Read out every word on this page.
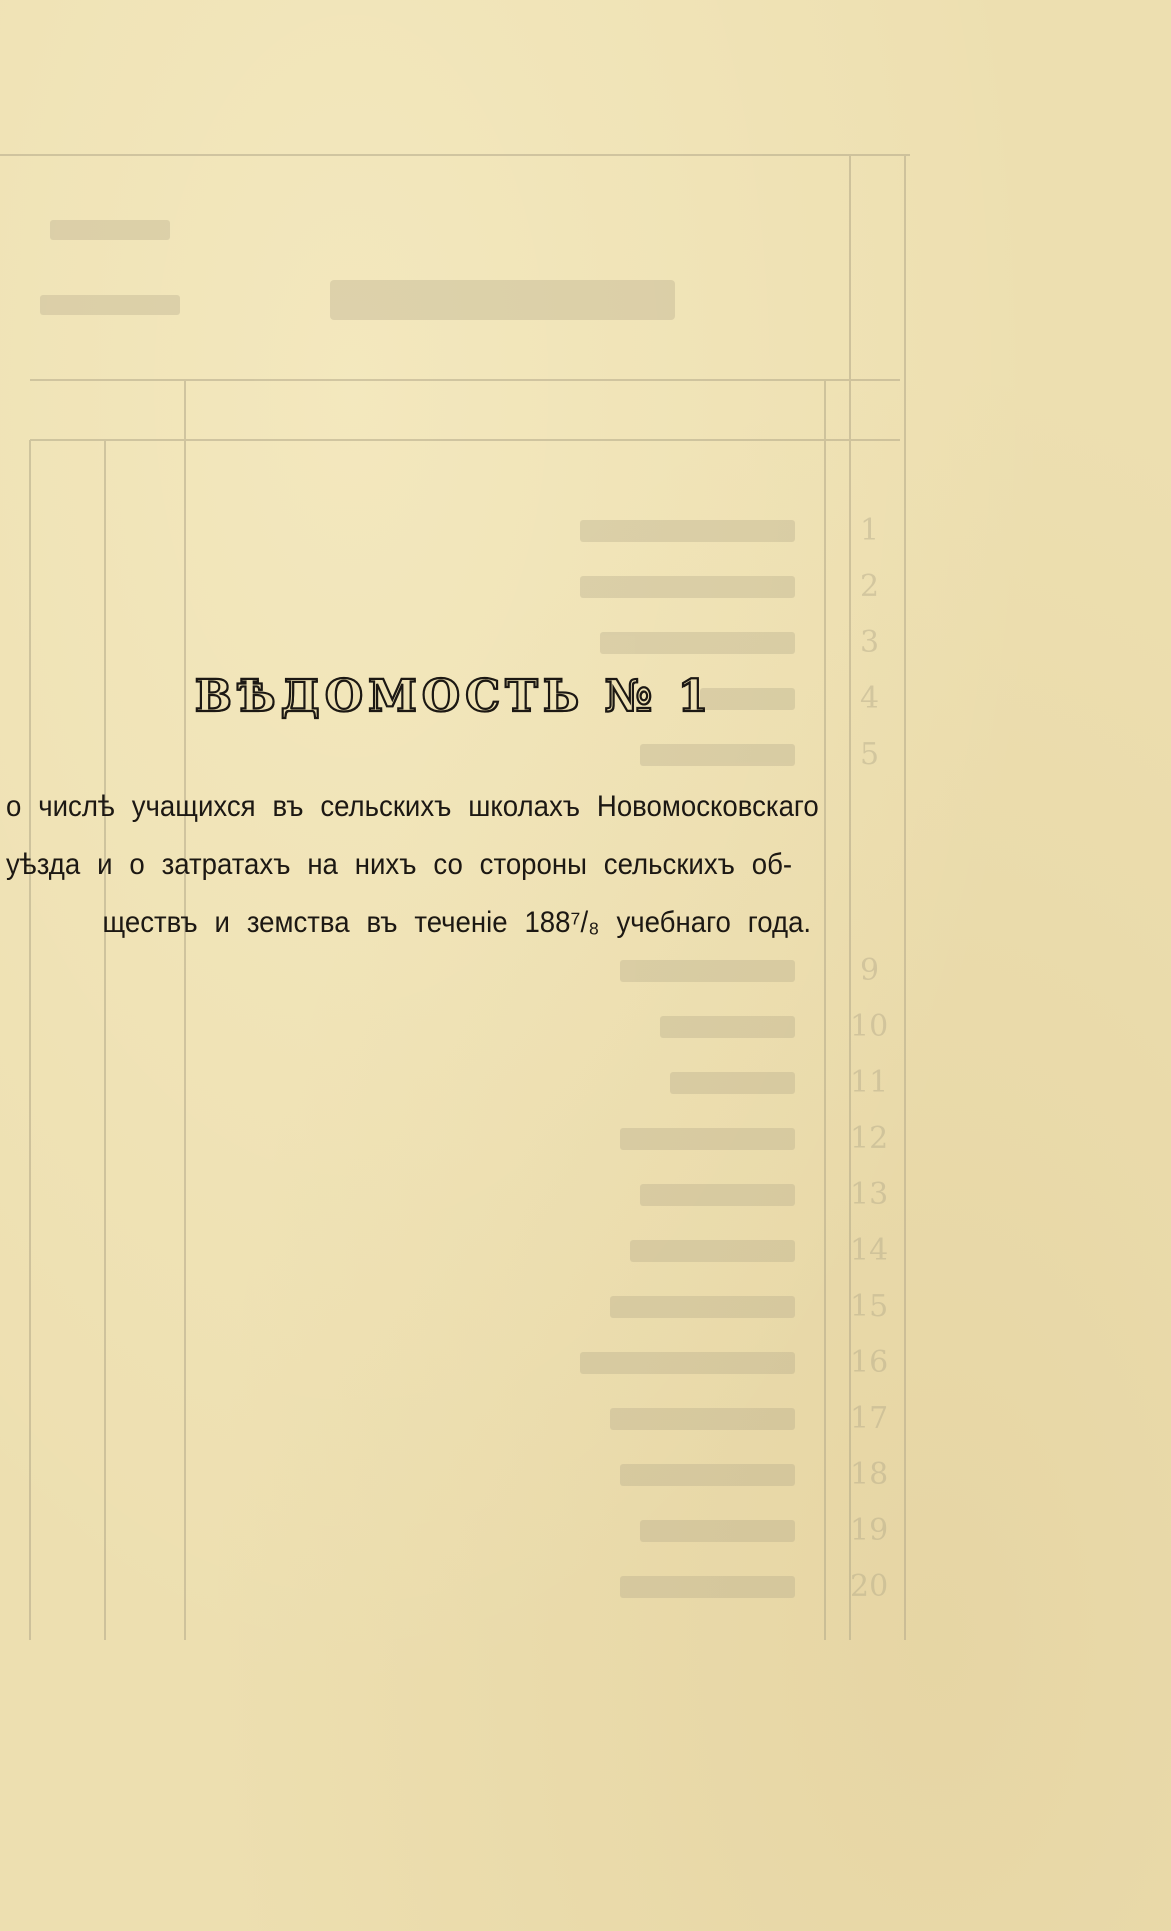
1
2
3
4
5
9
10
11
12
13
14
15
16
17
18
19
20
ВѢДОМОСТЬ № 1
о числѣ учащихся въ сельскихъ школахъ Новомосковскаго
уѣзда и о затратахъ на нихъ со стороны сельскихъ об-
ществъ и земства въ теченіе 188⁷/₈ учебнаго года.
